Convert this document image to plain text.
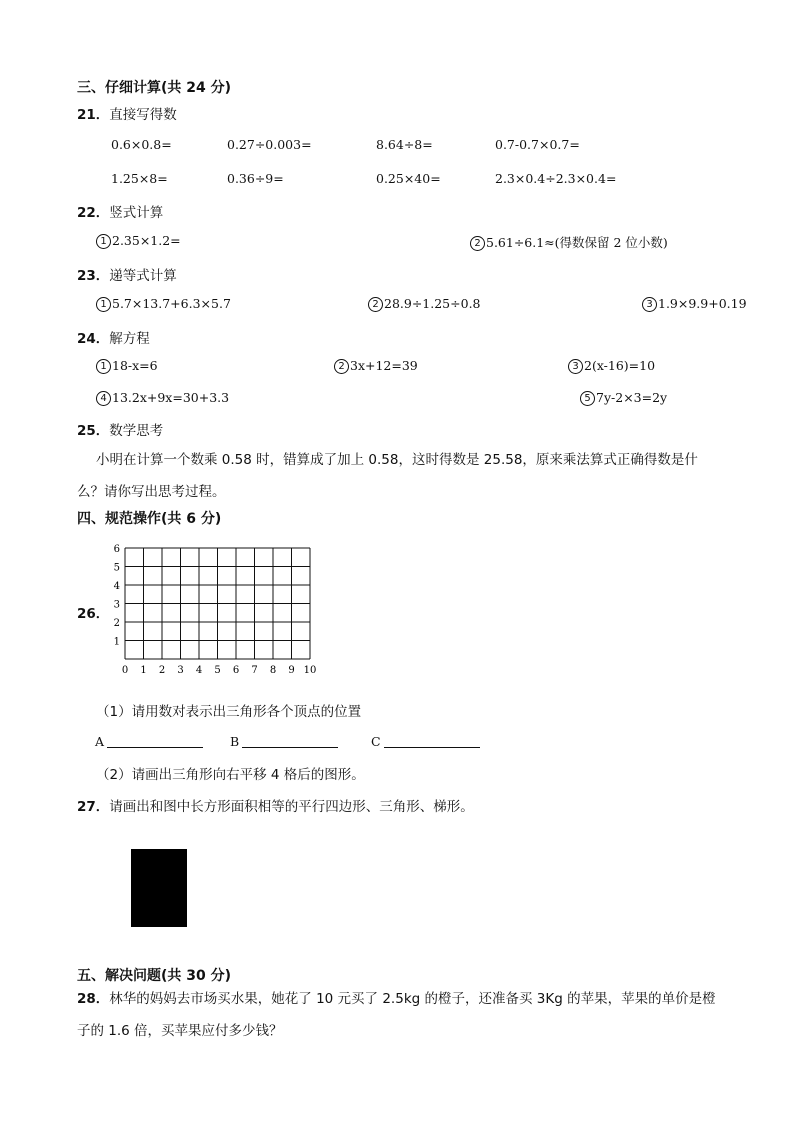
三、仔细计算(共 24 分)
21．直接写得数
0.6×0.8=	0.27÷0.003=	8.64÷8=	0.7-0.7×0.7=
1.25×8=	0.36÷9=	0.25×40=	2.3×0.4÷2.3×0.4=
22．竖式计算
1 2.35×1.2=	2 5.61÷6.1≈(得数保留 2 位小数)
23．递等式计算
1 5.7×13.7+6.3×5.7	2 28.9÷1.25÷0.8	3 1.9×9.9+0.19
24．解方程
1 18-x=6	2 3x+12=39	3 2(x-16)=10
4 13.2x+9x=30+3.3	5 7y-2×3=2y
25．数学思考
小明在计算一个数乘 0.58 时，错算成了加上 0.58，这时得数是 25.58，原来乘法算式正确得数是什
么？请你写出思考过程。
四、规范操作(共 6 分)
26．
0 1 2 3 4 5 6 7 8 9 10
1
2
3
4
5
6
（1）请用数对表示出三角形各个顶点的位置
A	B	C
（2）请画出三角形向右平移 4 格后的图形。
27．请画出和图中长方形面积相等的平行四边形、三角形、梯形。
五、解决问题(共 30 分)
28．林华的妈妈去市场买水果，她花了 10 元买了 2.5kg 的橙子，还准备买 3Kg 的苹果，苹果的单价是橙
子的 1.6 倍，买苹果应付多少钱？
